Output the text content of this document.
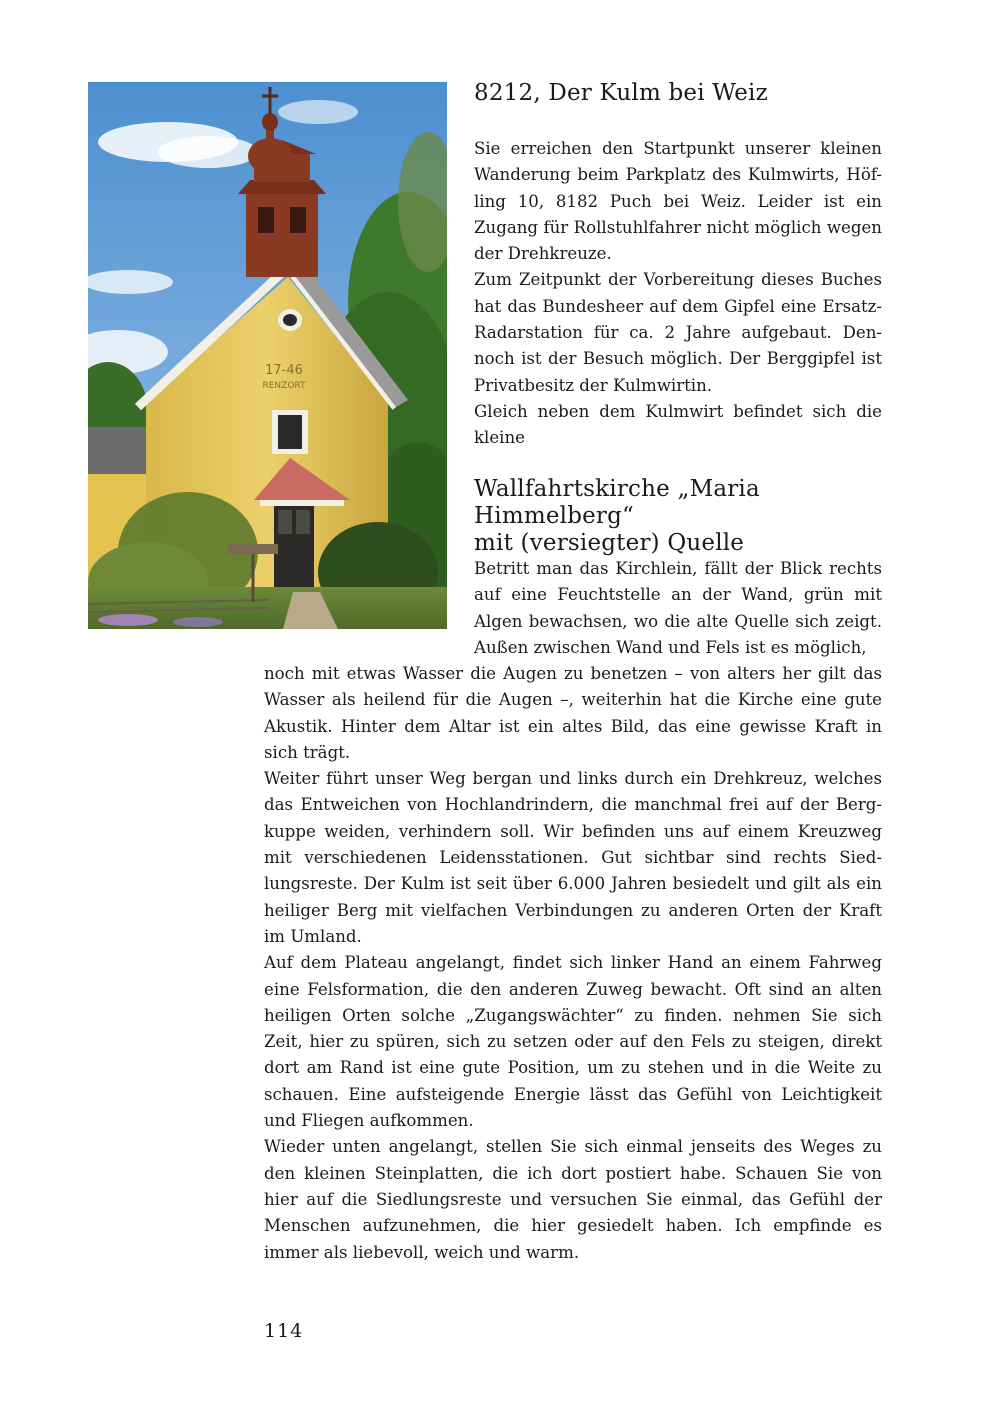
17-46
RENZORT
8212, Der Kulm bei Weiz

Sie erreichen den Startpunkt unserer kleinen Wanderung beim Parkplatz des Kulmwirts, Höf-ling 10, 8182 Puch bei Weiz. Leider ist ein Zugang für Rollstuhlfahrer nicht möglich wegen der Drehkreuze.

Zum Zeitpunkt der Vorbereitung dieses Buches hat das Bundesheer auf dem Gipfel eine Ersatz-Radarstation für ca. 2 Jahre aufgebaut. Den-noch ist der Besuch möglich. Der Berggipfel ist Privatbesitz der Kulmwirtin.

Gleich neben dem Kulmwirt befindet sich die kleine

Wallfahrtskirche „Maria Himmelberg“
mit (versiegter) Quelle

Betritt man das Kirchlein, fällt der Blick rechts auf eine Feuchtstelle an der Wand, grün mit Algen bewachsen, wo die alte Quelle sich zeigt. Außen zwischen Wand und Fels ist es möglich,

noch mit etwas Wasser die Augen zu benetzen – von alters her gilt das Wasser als heilend für die Augen –, weiterhin hat die Kirche eine gute Akustik. Hinter dem Altar ist ein altes Bild, das eine gewisse Kraft in sich trägt.

Weiter führt unser Weg bergan und links durch ein Drehkreuz, welches das Entweichen von Hochlandrindern, die manchmal frei auf der Berg-kuppe weiden, verhindern soll. Wir befinden uns auf einem Kreuzweg mit verschiedenen Leidensstationen. Gut sichtbar sind rechts Sied-lungsreste. Der Kulm ist seit über 6.000 Jahren besiedelt und gilt als ein heiliger Berg mit vielfachen Verbindungen zu anderen Orten der Kraft im Umland.

Auf dem Plateau angelangt, findet sich linker Hand an einem Fahrweg eine Felsformation, die den anderen Zuweg bewacht. Oft sind an alten heiligen Orten solche „Zugangswächter“ zu finden. nehmen Sie sich Zeit, hier zu spüren, sich zu setzen oder auf den Fels zu steigen, direkt dort am Rand ist eine gute Position, um zu stehen und in die Weite zu schauen. Eine aufsteigende Energie lässt das Gefühl von Leichtigkeit und Fliegen aufkommen.

Wieder unten angelangt, stellen Sie sich einmal jenseits des Weges zu den kleinen Steinplatten, die ich dort postiert habe. Schauen Sie von hier auf die Siedlungsreste und versuchen Sie einmal, das Gefühl der Menschen aufzunehmen, die hier gesiedelt haben. Ich empfinde es immer als liebevoll, weich und warm.

114
